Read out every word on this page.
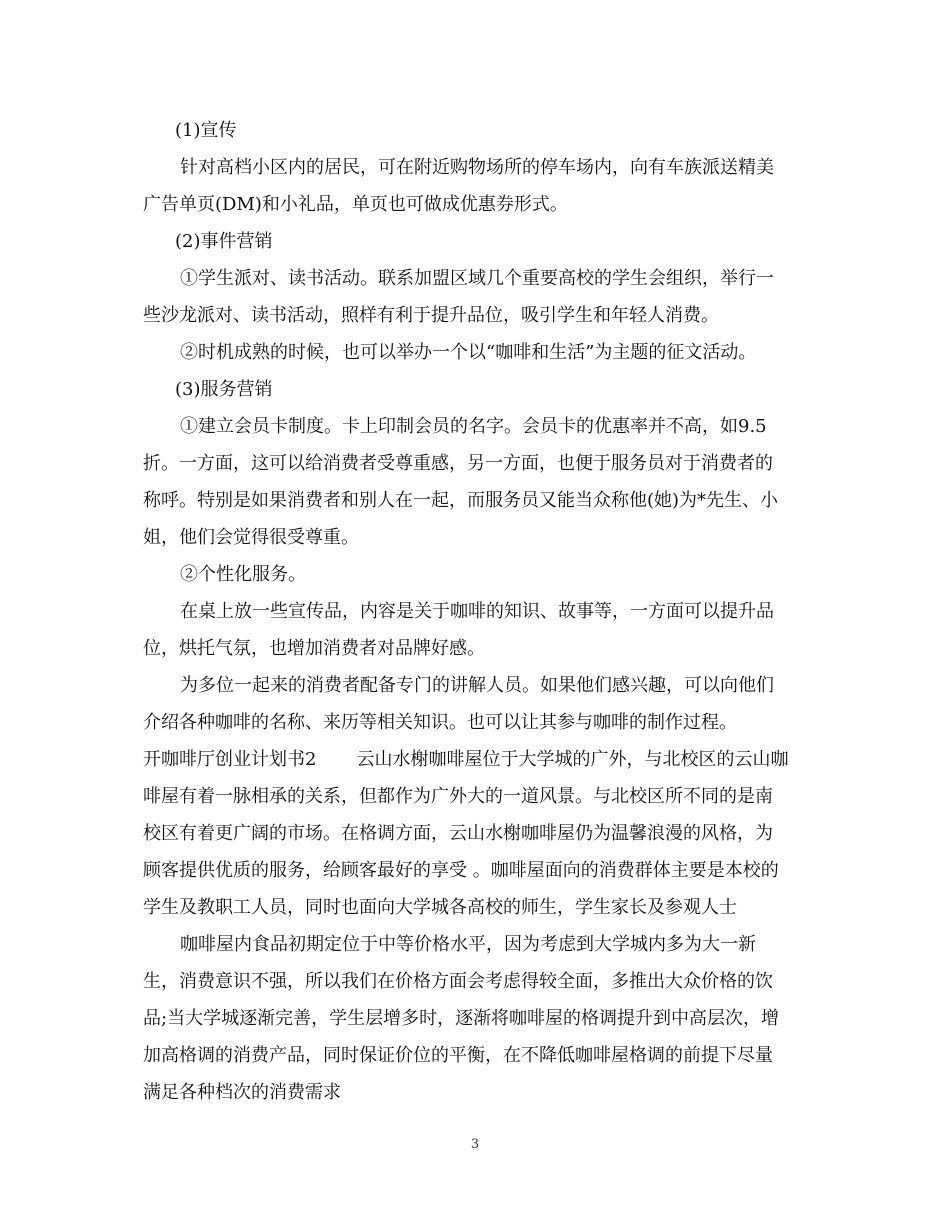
(1)宣传
针对高档小区内的居民，可在附近购物场所的停车场内，向有车族派送精美
广告单页(DM)和小礼品，单页也可做成优惠券形式。
(2)事件营销
①学生派对、读书活动。联系加盟区域几个重要高校的学生会组织，举行一
些沙龙派对、读书活动，照样有利于提升品位，吸引学生和年轻人消费。
②时机成熟的时候，也可以举办一个以“咖啡和生活”为主题的征文活动。
(3)服务营销
①建立会员卡制度。卡上印制会员的名字。会员卡的优惠率并不高，如9.5
折。一方面，这可以给消费者受尊重感，另一方面，也便于服务员对于消费者的
称呼。特别是如果消费者和别人在一起，而服务员又能当众称他(她)为*先生、小
姐，他们会觉得很受尊重。
②个性化服务。
在桌上放一些宣传品，内容是关于咖啡的知识、故事等，一方面可以提升品
位，烘托气氛，也增加消费者对品牌好感。
为多位一起来的消费者配备专门的讲解人员。如果他们感兴趣，可以向他们
介绍各种咖啡的名称、来历等相关知识。也可以让其参与咖啡的制作过程。
开咖啡厅创业计划书2 云山水榭咖啡屋位于大学城的广外，与北校区的云山咖
啡屋有着一脉相承的关系，但都作为广外大的一道风景。与北校区所不同的是南
校区有着更广阔的市场。在格调方面，云山水榭咖啡屋仍为温馨浪漫的风格，为
顾客提供优质的服务，给顾客最好的享受 。咖啡屋面向的消费群体主要是本校的
学生及教职工人员，同时也面向大学城各高校的师生，学生家长及参观人士
咖啡屋内食品初期定位于中等价格水平，因为考虑到大学城内多为大一新
生，消费意识不强，所以我们在价格方面会考虑得较全面，多推出大众价格的饮
品;当大学城逐渐完善，学生层增多时，逐渐将咖啡屋的格调提升到中高层次，增
加高格调的消费产品，同时保证价位的平衡，在不降低咖啡屋格调的前提下尽量
满足各种档次的消费需求
3
